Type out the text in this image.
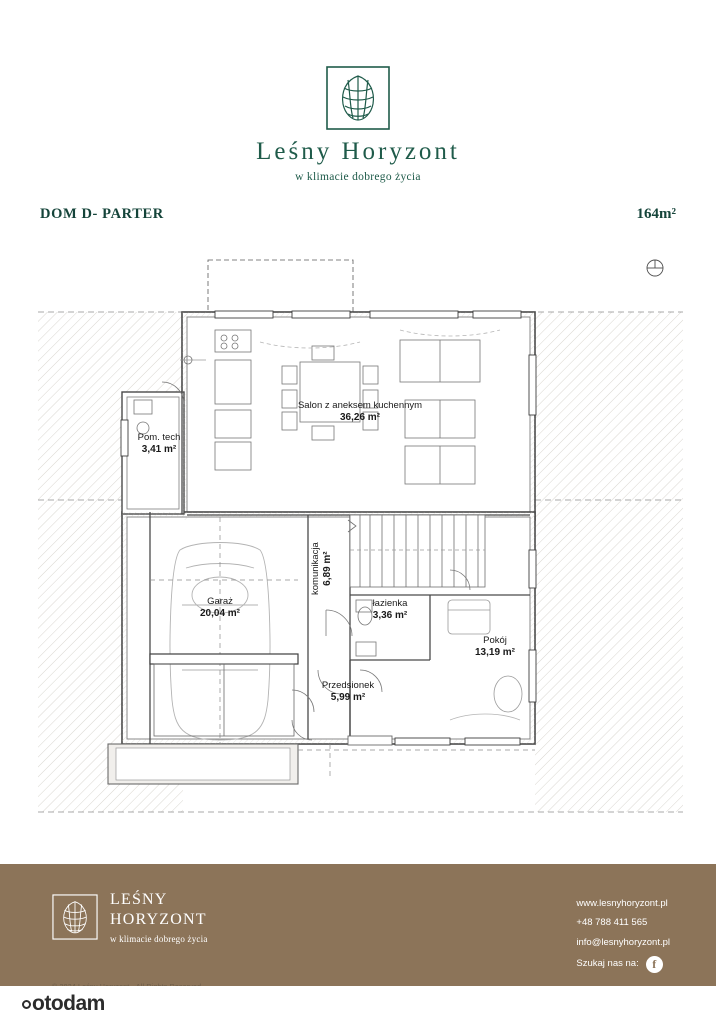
Leśny Horyzont
w klimacie dobrego życia
DOM D- PARTER	164m²
Pom. tech
3,41 m²
Salon z aneksem kuchennym
36,26 m²
komunikacja 6,89 m²
Garaż
20,04 m²
łazienka
3,36 m²
Pokój
13,19 m²
Przedsionek
5,99 m²
LEŚNY
HORYZONT
w klimacie dobrego życia
www.lesnyhoryzont.pl
+48 788 411 565
info@lesnyhoryzont.pl
Szukaj nas na:	f
otodam
